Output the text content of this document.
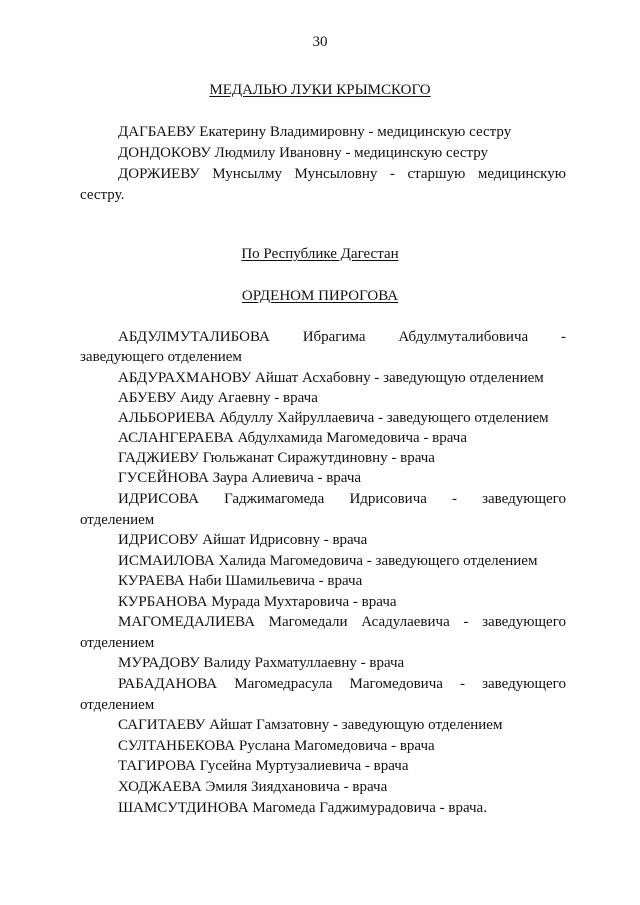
30
МЕДАЛЬЮ ЛУКИ КРЫМСКОГО
ДАГБАЕВУ Екатерину Владимировну - медицинскую сестру
ДОНДОКОВУ Людмилу Ивановну - медицинскую сестру
ДОРЖИЕВУ Мунсылму Мунсыловну - старшую медицинскую
сестру.
По Республике Дагестан
ОРДЕНОМ ПИРОГОВА
АБДУЛМУТАЛИБОВА Ибрагима Абдулмуталибовича -
заведующего отделением
АБДУРАХМАНОВУ Айшат Асхабовну - заведующую отделением
АБУЕВУ Аиду Агаевну - врача
АЛЬБОРИЕВА Абдуллу Хайруллаевича - заведующего отделением
АСЛАНГЕРАЕВА Абдулхамида Магомедовича - врача
ГАДЖИЕВУ Гюльжанат Сиражутдиновну - врача
ГУСЕЙНОВА Заура Алиевича - врача
ИДРИСОВА Гаджимагомеда Идрисовича - заведующего
отделением
ИДРИСОВУ Айшат Идрисовну - врача
ИСМАИЛОВА Халида Магомедовича - заведующего отделением
КУРАЕВА Наби Шамильевича - врача
КУРБАНОВА Мурада Мухтаровича - врача
МАГОМЕДАЛИЕВА Магомедали Асадулаевича - заведующего
отделением
МУРАДОВУ Валиду Рахматуллаевну - врача
РАБАДАНОВА Магомедрасула Магомедовича - заведующего
отделением
САГИТАЕВУ Айшат Гамзатовну - заведующую отделением
СУЛТАНБЕКОВА Руслана Магомедовича - врача
ТАГИРОВА Гусейна Муртузалиевича - врача
ХОДЖАЕВА Эмиля Зиядхановича - врача
ШАМСУТДИНОВА Магомеда Гаджимурадовича - врача.
